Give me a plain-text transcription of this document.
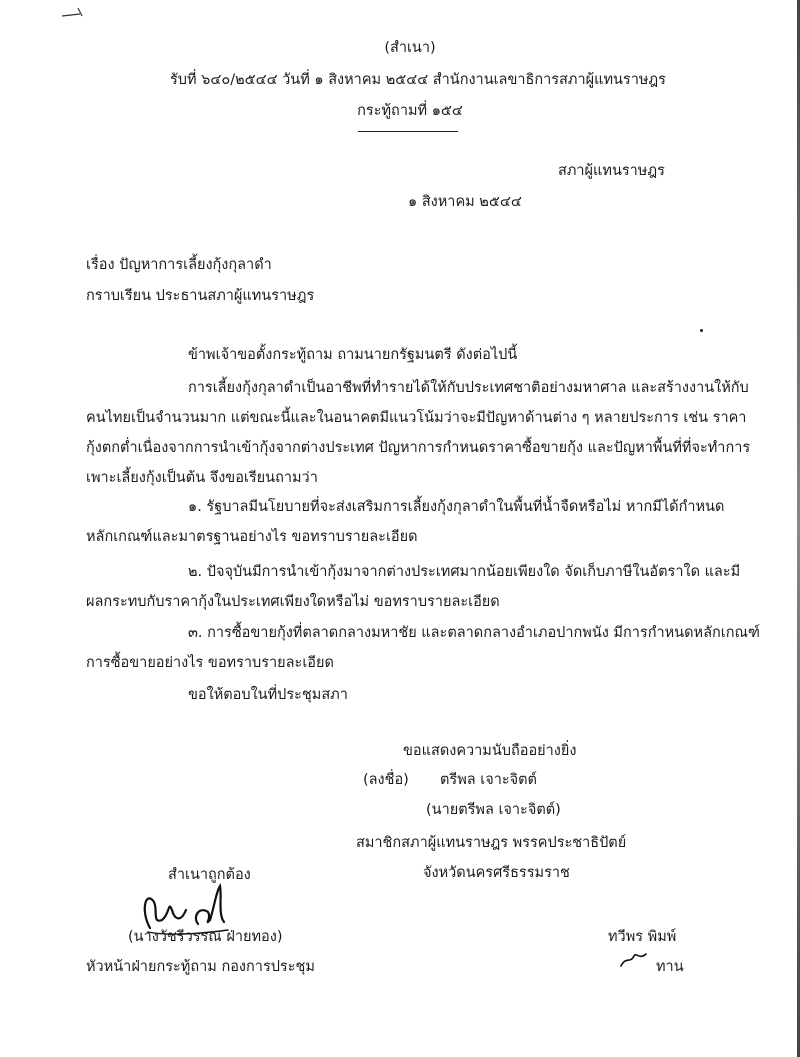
(สำเนา)
รับที่ ๖๔๐/๒๕๔๔ วันที่ ๑ สิงหาคม ๒๕๔๔ สำนักงานเลขาธิการสภาผู้แทนราษฎร
กระทู้ถามที่ ๑๕๔
สภาผู้แทนราษฎร
๑ สิงหาคม ๒๕๔๔
เรื่อง ปัญหาการเลี้ยงกุ้งกุลาดำ
กราบเรียน ประธานสภาผู้แทนราษฎร
ข้าพเจ้าขอตั้งกระทู้ถาม ถามนายกรัฐมนตรี ดังต่อไปนี้
การเลี้ยงกุ้งกุลาดำเป็นอาชีพที่ทำรายได้ให้กับประเทศชาติอย่างมหาศาล และสร้างงานให้กับ
คนไทยเป็นจำนวนมาก แต่ขณะนี้และในอนาคตมีแนวโน้มว่าจะมีปัญหาด้านต่าง ๆ หลายประการ เช่น ราคา
กุ้งตกต่ำเนื่องจากการนำเข้ากุ้งจากต่างประเทศ ปัญหาการกำหนดราคาซื้อขายกุ้ง และปัญหาพื้นที่ที่จะทำการ
เพาะเลี้ยงกุ้งเป็นต้น จึงขอเรียนถามว่า
๑. รัฐบาลมีนโยบายที่จะส่งเสริมการเลี้ยงกุ้งกุลาดำในพื้นที่น้ำจืดหรือไม่ หากมีได้กำหนด
หลักเกณฑ์และมาตรฐานอย่างไร ขอทราบรายละเอียด
๒. ปัจจุบันมีการนำเข้ากุ้งมาจากต่างประเทศมากน้อยเพียงใด จัดเก็บภาษีในอัตราใด และมี
ผลกระทบกับราคากุ้งในประเทศเพียงใดหรือไม่ ขอทราบรายละเอียด
๓. การซื้อขายกุ้งที่ตลาดกลางมหาชัย และตลาดกลางอำเภอปากพนัง มีการกำหนดหลักเกณฑ์
การซื้อขายอย่างไร ขอทราบรายละเอียด
ขอให้ตอบในที่ประชุมสภา
ขอแสดงความนับถืออย่างยิ่ง
(ลงชื่อ) ตรีพล เจาะจิตต์
(นายตรีพล เจาะจิตต์)
สมาชิกสภาผู้แทนราษฎร พรรคประชาธิปัตย์
จังหวัดนครศรีธรรมราช
สำเนาถูกต้อง
(นางวัชรีวรรณ ฝ่ายทอง)
หัวหน้าฝ่ายกระทู้ถาม กองการประชุม
ทวีพร พิมพ์
ทาน
